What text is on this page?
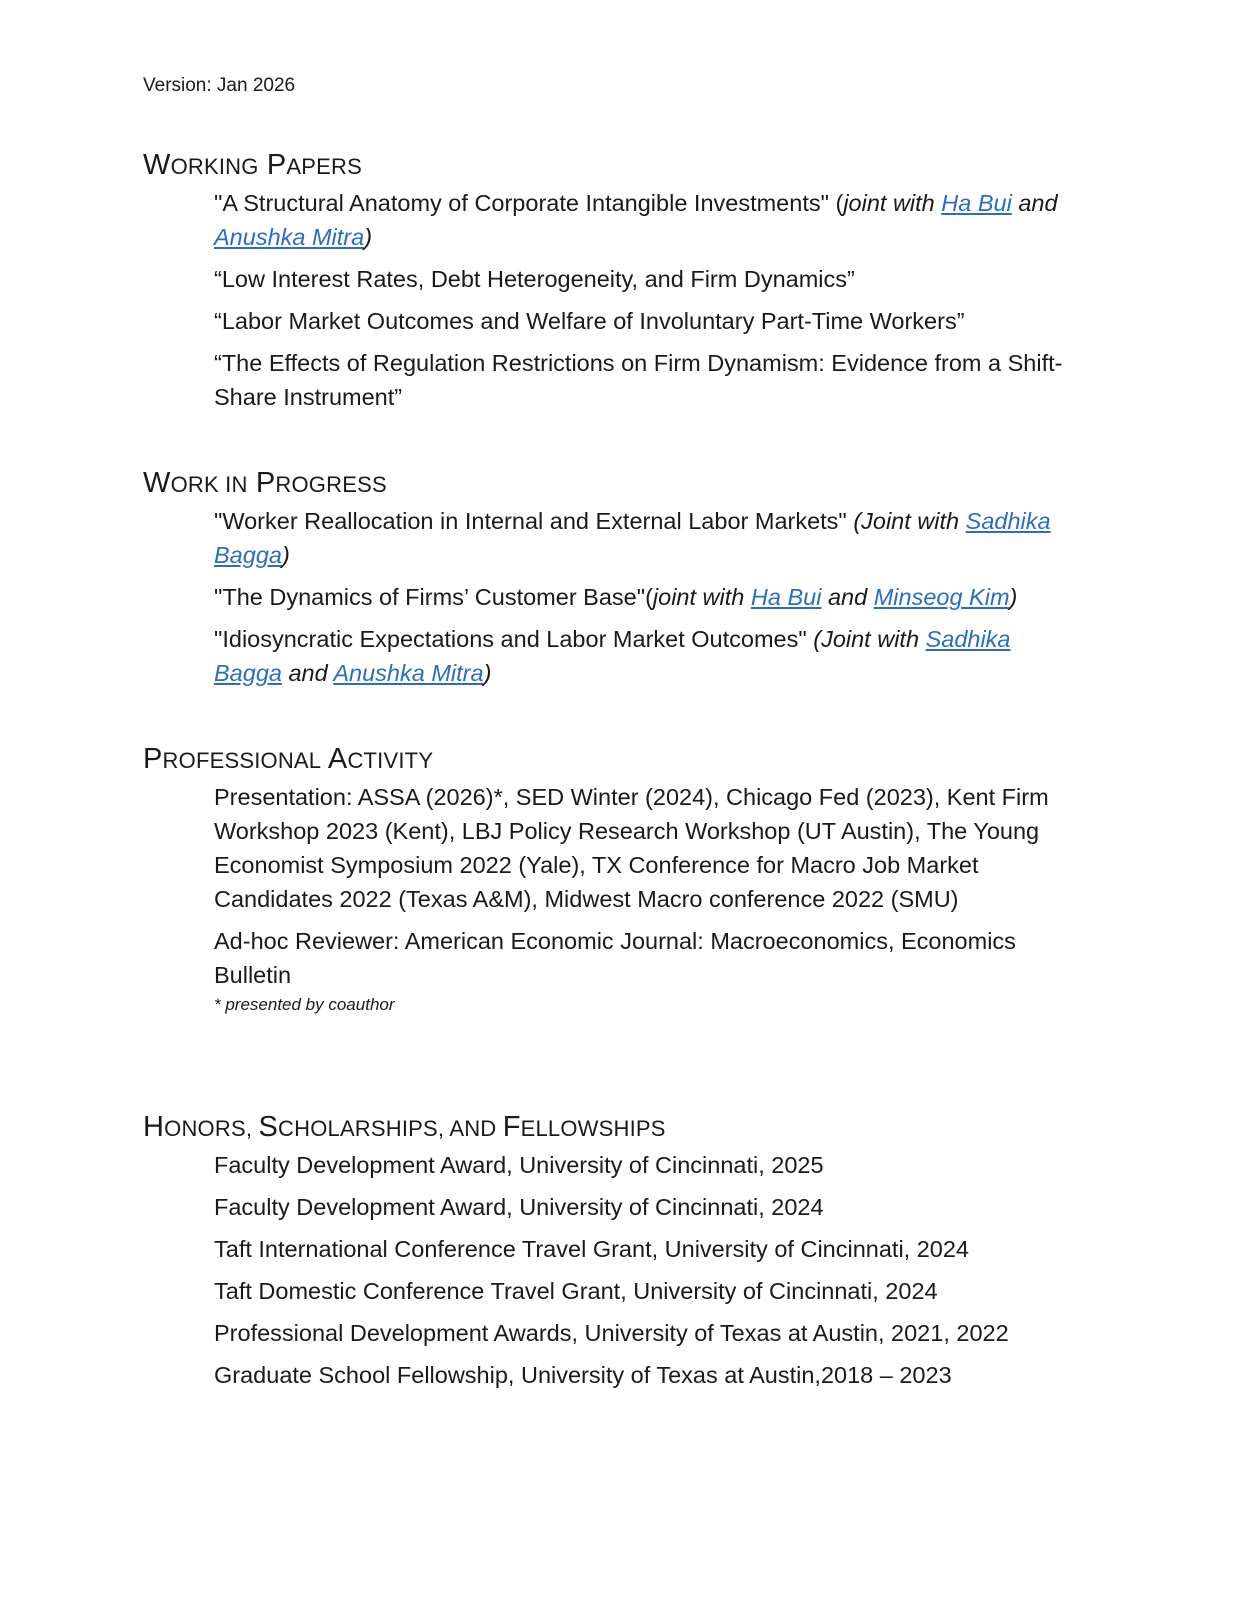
Version: Jan 2026
WORKING PAPERS
"A Structural Anatomy of Corporate Intangible Investments" (joint with Ha Bui and Anushka Mitra)
“Low Interest Rates, Debt Heterogeneity, and Firm Dynamics”
“Labor Market Outcomes and Welfare of Involuntary Part-Time Workers”
“The Effects of Regulation Restrictions on Firm Dynamism: Evidence from a Shift-Share Instrument”
WORK IN PROGRESS
"Worker Reallocation in Internal and External Labor Markets" (Joint with Sadhika Bagga)
"The Dynamics of Firms’ Customer Base"(joint with Ha Bui and Minseog Kim)
"Idiosyncratic Expectations and Labor Market Outcomes" (Joint with Sadhika Bagga and Anushka Mitra)
PROFESSIONAL ACTIVITY
Presentation: ASSA (2026)*, SED Winter (2024), Chicago Fed (2023), Kent Firm Workshop 2023 (Kent), LBJ Policy Research Workshop (UT Austin), The Young Economist Symposium 2022 (Yale), TX Conference for Macro Job Market Candidates 2022 (Texas A&M), Midwest Macro conference 2022 (SMU)
Ad-hoc Reviewer: American Economic Journal: Macroeconomics, Economics Bulletin
* presented by coauthor
HONORS, SCHOLARSHIPS, AND FELLOWSHIPS
Faculty Development Award, University of Cincinnati, 2025
Faculty Development Award, University of Cincinnati, 2024
Taft International Conference Travel Grant, University of Cincinnati, 2024
Taft Domestic Conference Travel Grant, University of Cincinnati, 2024
Professional Development Awards, University of Texas at Austin, 2021, 2022
Graduate School Fellowship, University of Texas at Austin,2018 – 2023
